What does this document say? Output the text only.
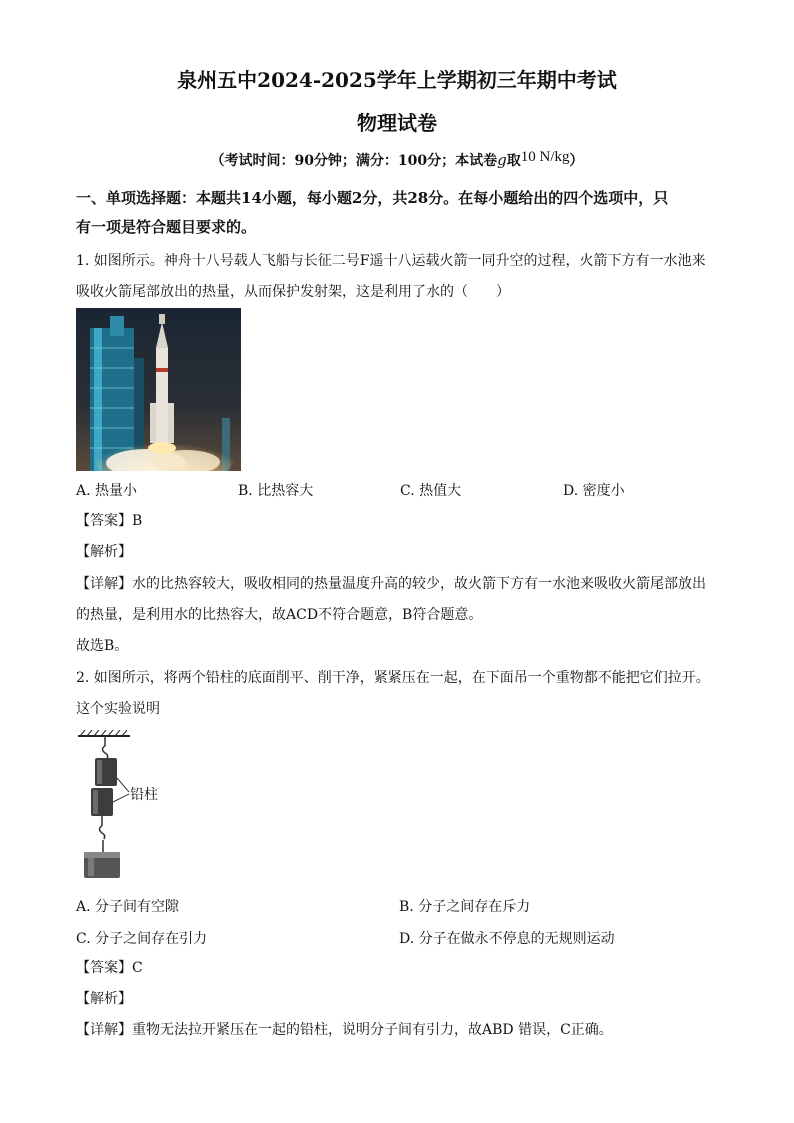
泉州五中2024-2025学年上学期初三年期中考试
物理试卷
（考试时间：90分钟；满分：100分；本试卷g取10 N/kg）
一、单项选择题：本题共14小题，每小题2分，共28分。在每小题给出的四个选项中，只
有一项是符合题目要求的。
1. 如图所示。神舟十八号载人飞船与长征二号F遥十八运载火箭一同升空的过程，火箭下方有一水池来
吸收火箭尾部放出的热量，从而保护发射架，这是利用了水的（　　）
A. 热量小	B. 比热容大	C. 热值大	D. 密度小
【答案】B
【解析】
【详解】水的比热容较大，吸收相同的热量温度升高的较少，故火箭下方有一水池来吸收火箭尾部放出
的热量，是利用水的比热容大，故ACD不符合题意，B符合题意。
故选B。
2. 如图所示，将两个铅柱的底面削平、削干净，紧紧压在一起，在下面吊一个重物都不能把它们拉开。
这个实验说明
铅柱
A. 分子间有空隙	B. 分子之间存在斥力
C. 分子之间存在引力	D. 分子在做永不停息的无规则运动
【答案】C
【解析】
【详解】重物无法拉开紧压在一起的铅柱，说明分子间有引力，故ABD 错误，C正确。
